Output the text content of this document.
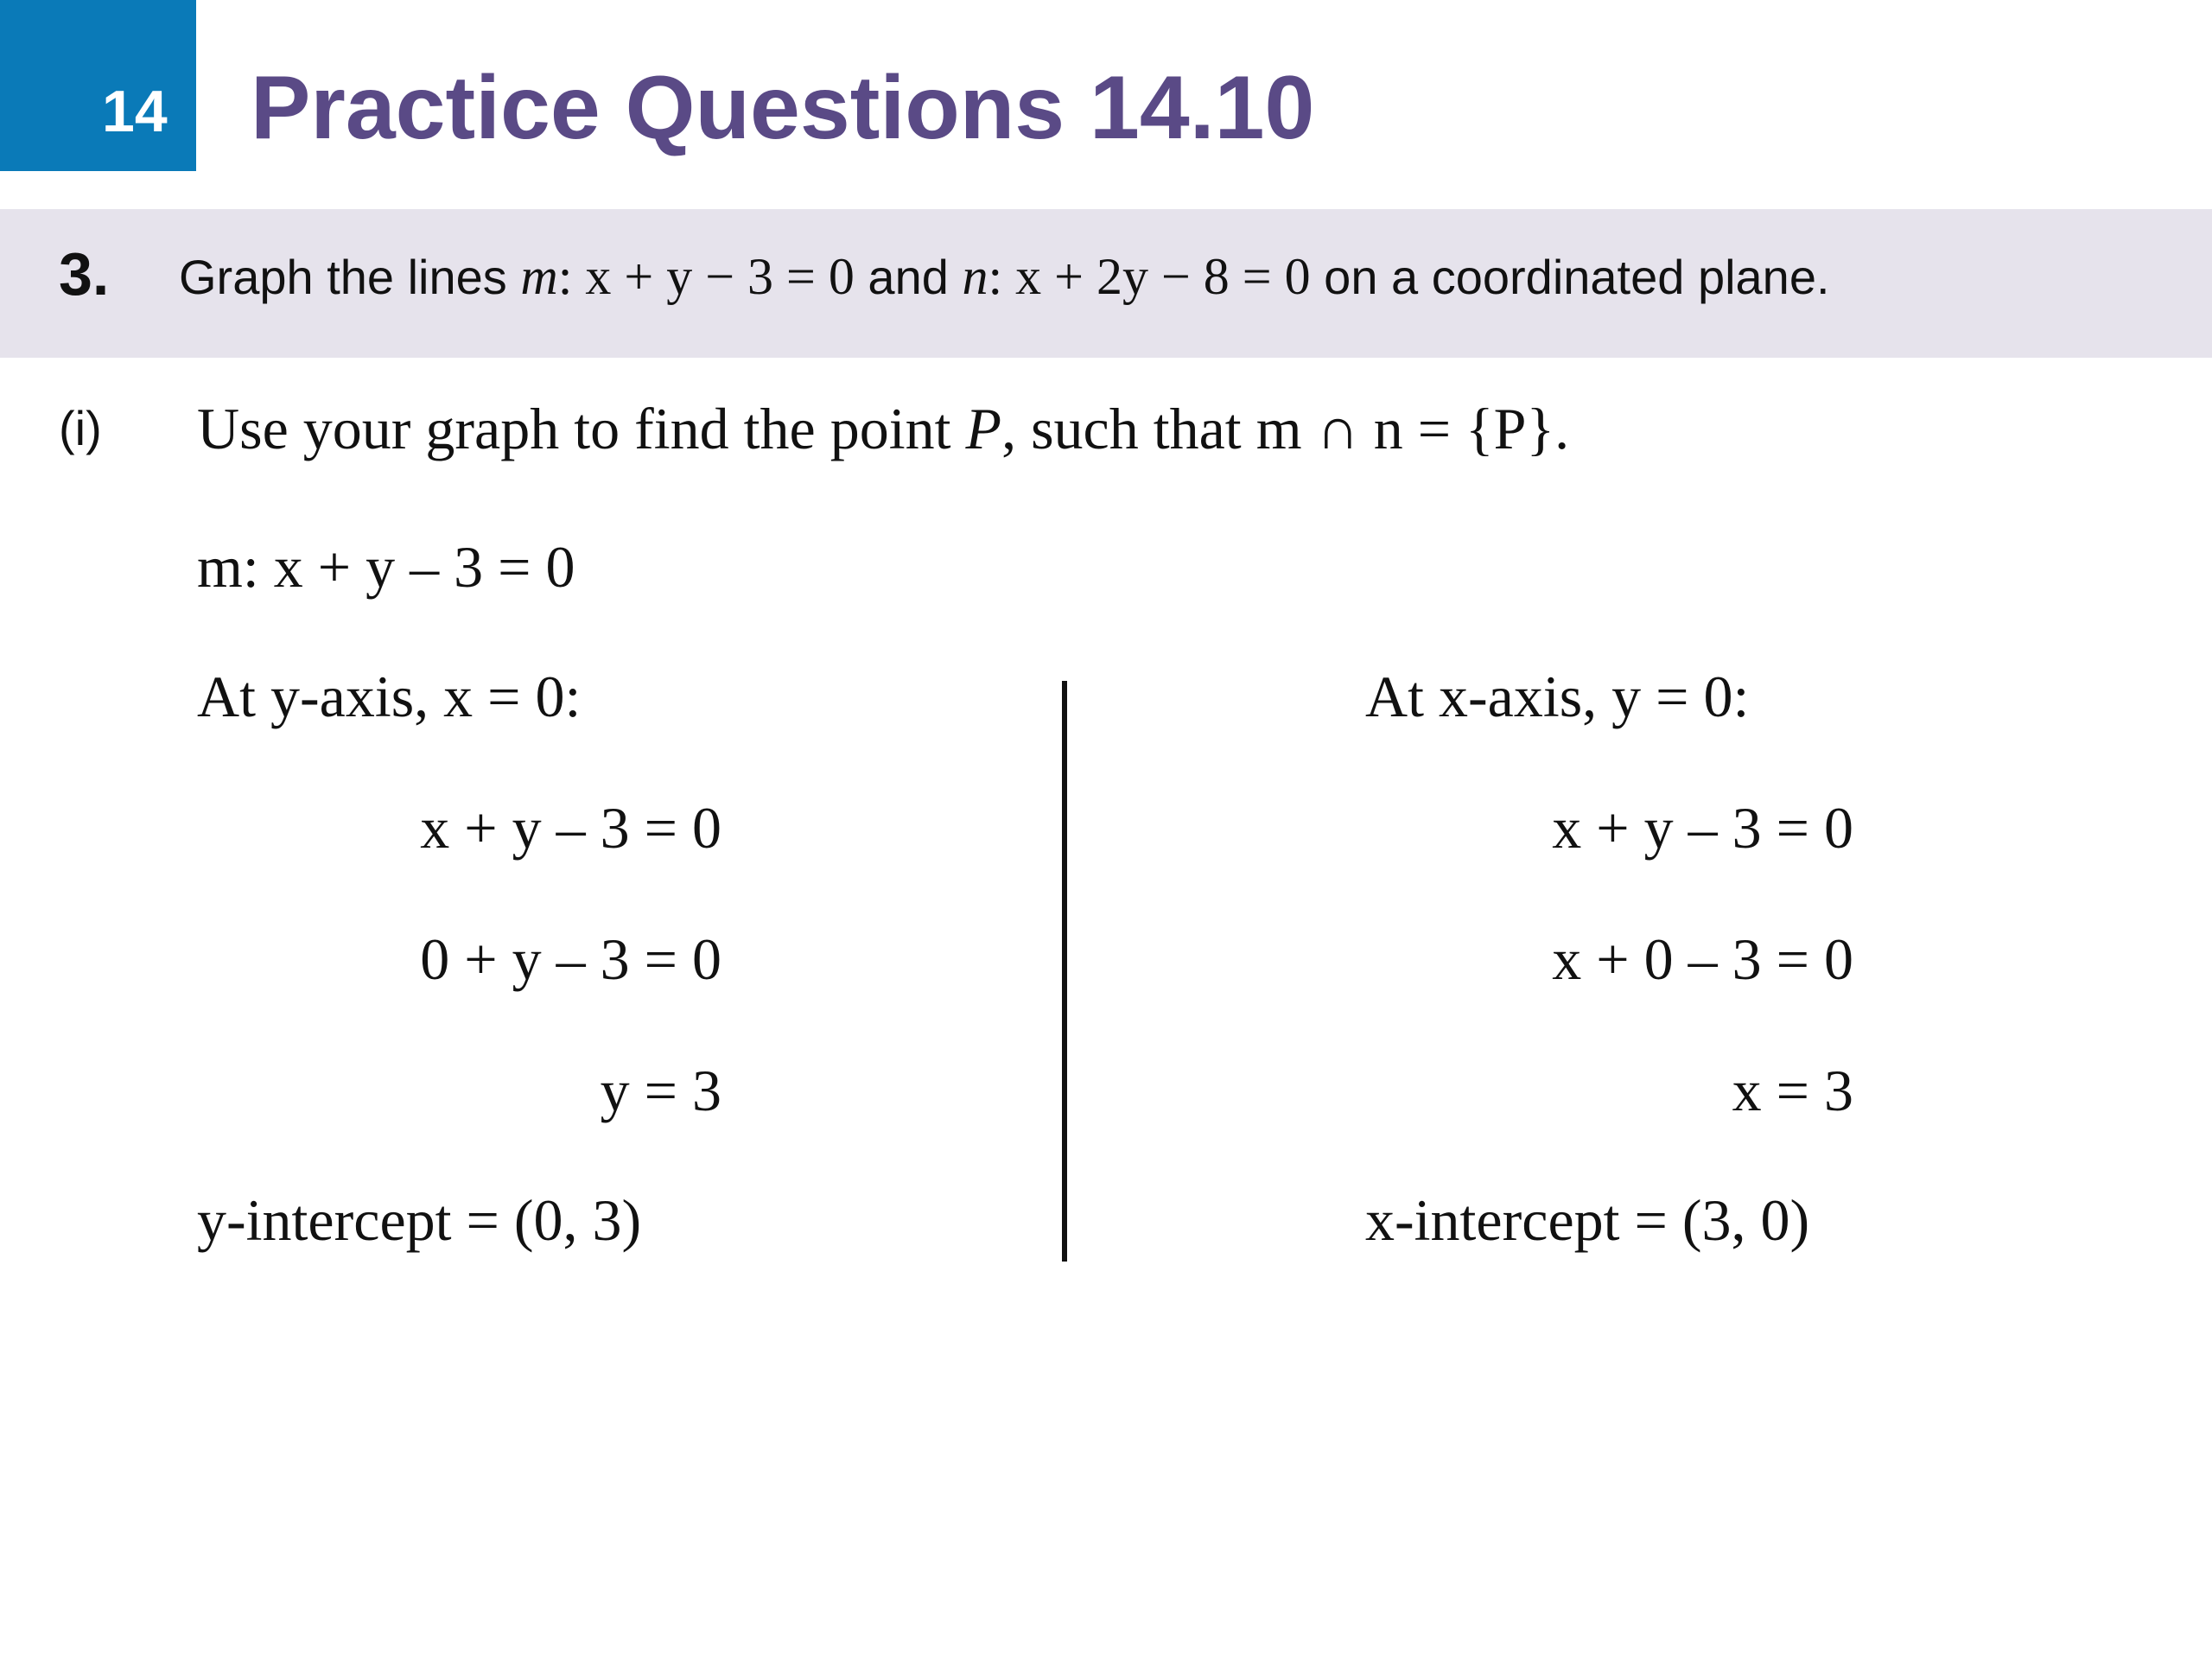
14 Practice Questions 14.10
3. Graph the lines m: x + y − 3 = 0 and n: x + 2y − 8 = 0 on a coordinated plane.
(i) Use your graph to find the point P, such that m ∩ n = {P}.
m: x + y – 3 = 0
At y-axis, x = 0:
x + y – 3 = 0
0 + y – 3 = 0
y = 3
y-intercept = (0, 3)
At x-axis, y = 0:
x + y – 3 = 0
x + 0 – 3 = 0
x = 3
x-intercept = (3, 0)
